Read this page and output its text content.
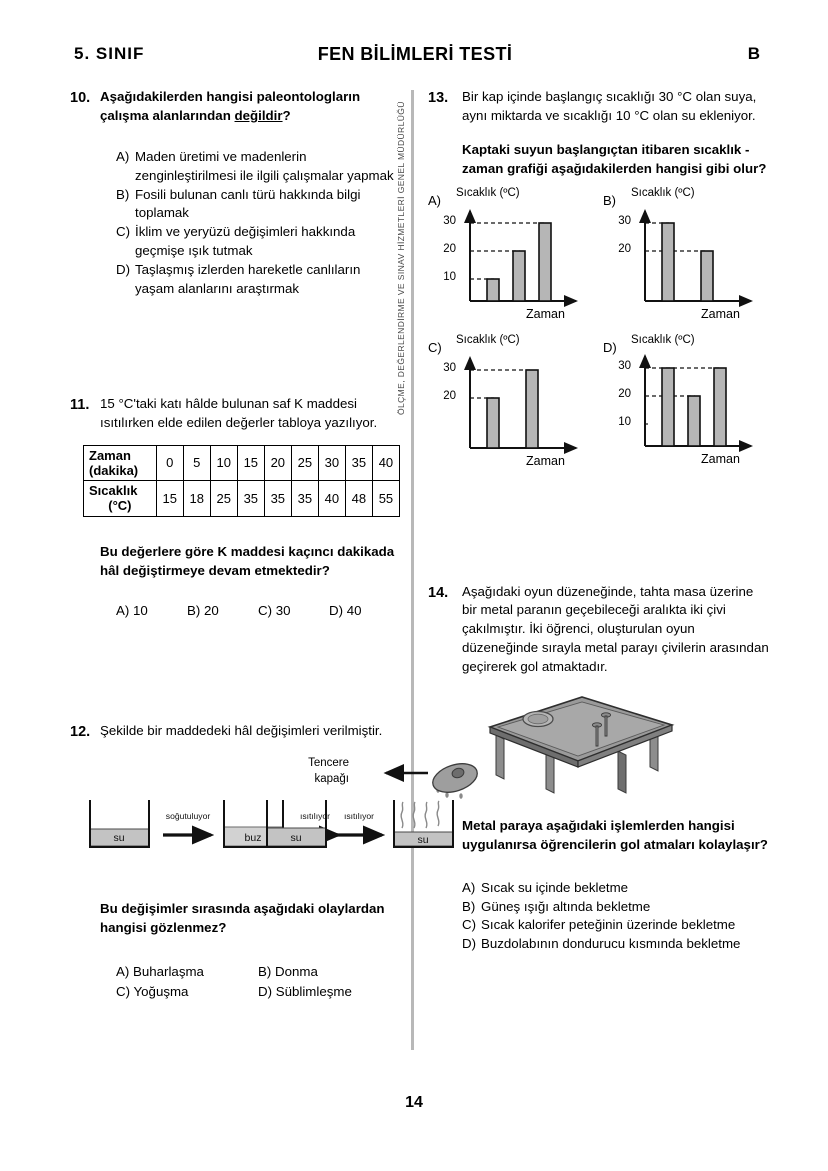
5. SINIF	FEN BİLİMLERİ TESTİ	B
ÖLÇME, DEĞERLENDİRME VE SINAV HİZMETLERİ GENEL MÜDÜRLÜĞÜ
10. Aşağıdakilerden hangisi paleontologların çalışma alanlarından değildir?
A) Maden üretimi ve madenlerin zenginleştirilmesi ile ilgili çalışmalar yapmak
B) Fosili bulunan canlı türü hakkında bilgi toplamak
C) İklim ve yeryüzü değişimleri hakkında geçmişe ışık tutmak
D) Taşlaşmış izlerden hareketle canlıların yaşam alanlarını araştırmak
11. 15 °C'taki katı hâlde bulunan saf K maddesi ısıtılırken elde edilen değerler tabloya yazılıyor.
Zaman
(dakika)	0	5	10	15	20	25	30	35	40

Sıcaklık
(°C)	15	18	25	35	35	35	40	48	55
Bu değerlere göre K maddesi kaçıncı dakikada hâl değiştirmeye devam etmektedir?
A) 10	B) 20	C) 30	D) 40
12. Şekilde bir maddedeki hâl değişimleri verilmiştir.
su
soğutuluyor
buz
ısıtılıyor
su
ısıtılıyor
su
Tencere
kapağı
Bu değişimler sırasında aşağıdaki olaylardan hangisi gözlenmez?
A) Buharlaşma	B) Donma
C) Yoğuşma	D) Süblimleşme
13.	Bir kap içinde başlangıç sıcaklığı 30 °C olan suya, aynı miktarda ve sıcaklığı 10 °C olan su ekleniyor.
Kaptaki suyun başlangıçtan itibaren sıcaklık - zaman grafiği aşağıdakilerden hangisi gibi olur?
A) Sıcaklık (ºC)
30
20
10
Zaman
B) Sıcaklık (ºC)
30
20
Zaman
C) Sıcaklık (ºC)
30
20
Zaman
D) Sıcaklık (ºC)
30
20
10
Zaman
14.	Aşağıdaki oyun düzeneğinde, tahta masa üzerine bir metal paranın geçebileceği aralıkta iki çivi çakılmıştır. İki öğrenci, oluşturulan oyun düzeneğinde sırayla metal parayı çivilerin arasından geçirerek gol atmaktadır.
Metal paraya aşağıdaki işlemlerden hangisi uygulanırsa öğrencilerin gol atmaları kolaylaşır?
A) Sıcak su içinde bekletme
B) Güneş ışığı altında bekletme
C) Sıcak kalorifer peteğinin üzerinde bekletme
D) Buzdolabının dondurucu kısmında bekletme
14
